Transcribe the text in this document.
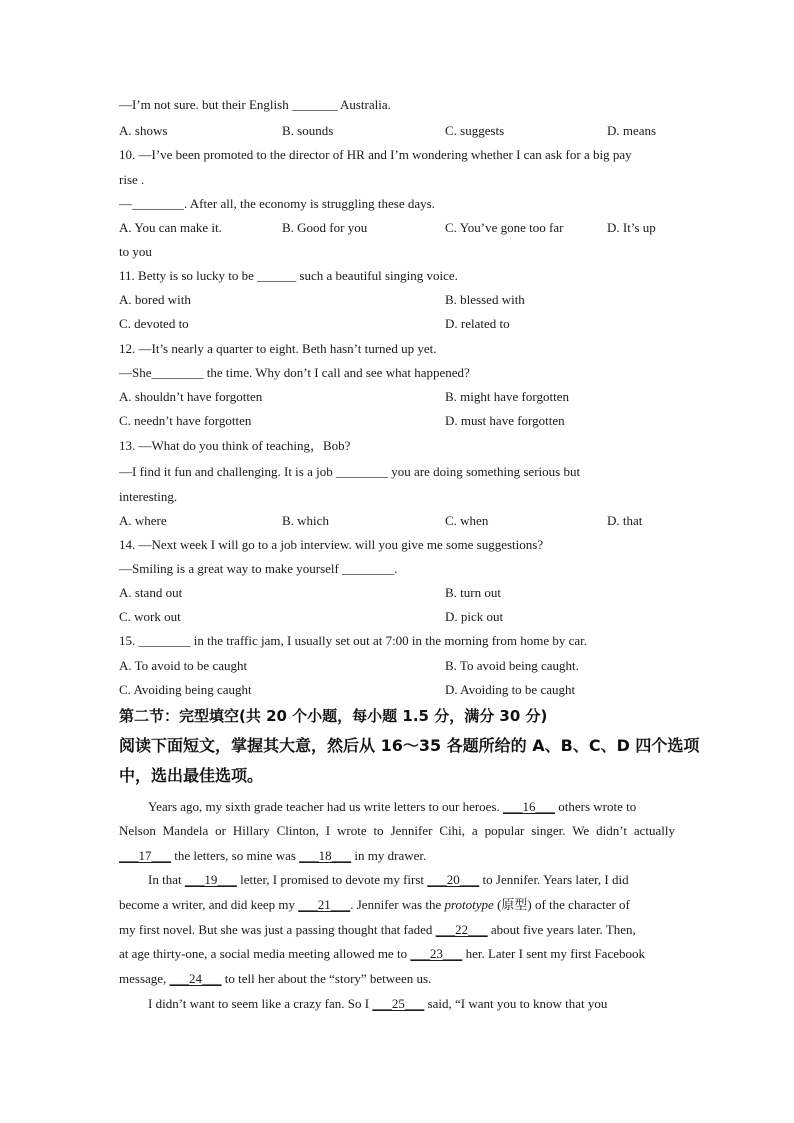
—I’m not sure. but their English _______ Australia.
A. shows	B. sounds	C. suggests	D. means
10. —I’ve been promoted to the director of HR and I’m wondering whether I can ask for a big pay
rise .
—________. After all, the economy is struggling these days.
A. You can make it.	B. Good for you	C. You’ve gone too far	D. It’s up
to you
11. Betty is so lucky to be ______ such a beautiful singing voice.
A. bored with	B. blessed with
C. devoted to	D. related to
12. —It’s nearly a quarter to eight. Beth hasn’t turned up yet.
—She________ the time. Why don’t I call and see what happened?
A. shouldn’t have forgotten	B. might have forgotten
C. needn’t have forgotten	D. must have forgotten
13. —What do you think of teaching，Bob?
—I find it fun and challenging. It is a job ________ you are doing something serious but
interesting.
A. where	B. which	C. when	D. that
14. —Next week I will go to a job interview. will you give me some suggestions?
—Smiling is a great way to make yourself ________.
A. stand out	B. turn out
C. work out	D. pick out
15. ________ in the traffic jam, I usually set out at 7:00 in the morning from home by car.
A. To avoid to be caught	B. To avoid being caught.
C. Avoiding being caught	D. Avoiding to be caught
第二节：完型填空(共 20 个小题，每小题 1.5 分，满分 30 分)
阅读下面短文，掌握其大意，然后从 16～35 各题所给的 A、B、C、D 四个选项
中，选出最佳选项。
Years ago, my sixth grade teacher had us write letters to our heroes. ___16___ others wrote to
Nelson Mandela or Hillary Clinton, I wrote to Jennifer Cihi, a popular singer. We didn’t actually
___17___ the letters, so mine was ___18___ in my drawer.
In that ___19___ letter, I promised to devote my first ___20___ to Jennifer. Years later, I did
become a writer, and did keep my ___21___. Jennifer was the prototype (原型) of the character of
my first novel. But she was just a passing thought that faded ___22___ about five years later. Then,
at age thirty-one, a social media meeting allowed me to ___23___ her. Later I sent my first Facebook
message, ___24___ to tell her about the “story” between us.
I didn’t want to seem like a crazy fan. So I ___25___ said, “I want you to know that you
